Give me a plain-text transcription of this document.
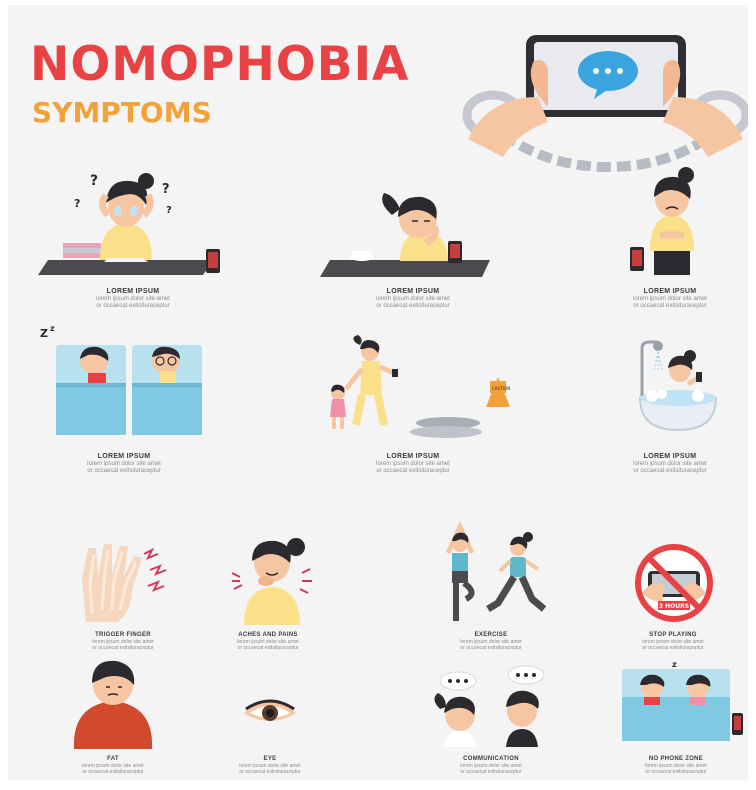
NOMOPHOBIA
SYMPTOMS
?
?
?
?
LOREM IPSUM
lorem ipsum dolor site amet
or occaecat exitsituraceptur
LOREM IPSUM
lorem ipsum dolor site amet
or occaecat exitsituraceptur
LOREM IPSUM
lorem ipsum dolor site amet
or occaecat exitsituraceptur
Z z
LOREM IPSUM
lorem ipsum dolor site amet
or occaecat exitsituraceptur
CAUTION
LOREM IPSUM
lorem ipsum dolor site amet
or occaecat exitsituraceptur
LOREM IPSUM
lorem ipsum dolor site amet
or occaecat exitsituraceptur
TRIGGER FINGER
lorem ipsum dolor site amet
or occaecat exitsituraceptur
ACHES AND PAINS
lorem ipsum dolor site amet
or occaecat exitsituraceptur
EXERCISE
lorem ipsum dolor site amet
or occaecat exitsituraceptur
3 HOURS
STOP PLAYING
lorem ipsum dolor site amet
or occaecat exitsituraceptur
FAT
lorem ipsum dolor site amet
or occaecat exitsituraceptur
EYE
lorem ipsum dolor site amet
or occaecat exitsituraceptur
COMMUNICATION
lorem ipsum dolor site amet
or occaecat exitsituraceptur
z
NO PHONE ZONE
lorem ipsum dolor site amet
or occaecat exitsituraceptur
